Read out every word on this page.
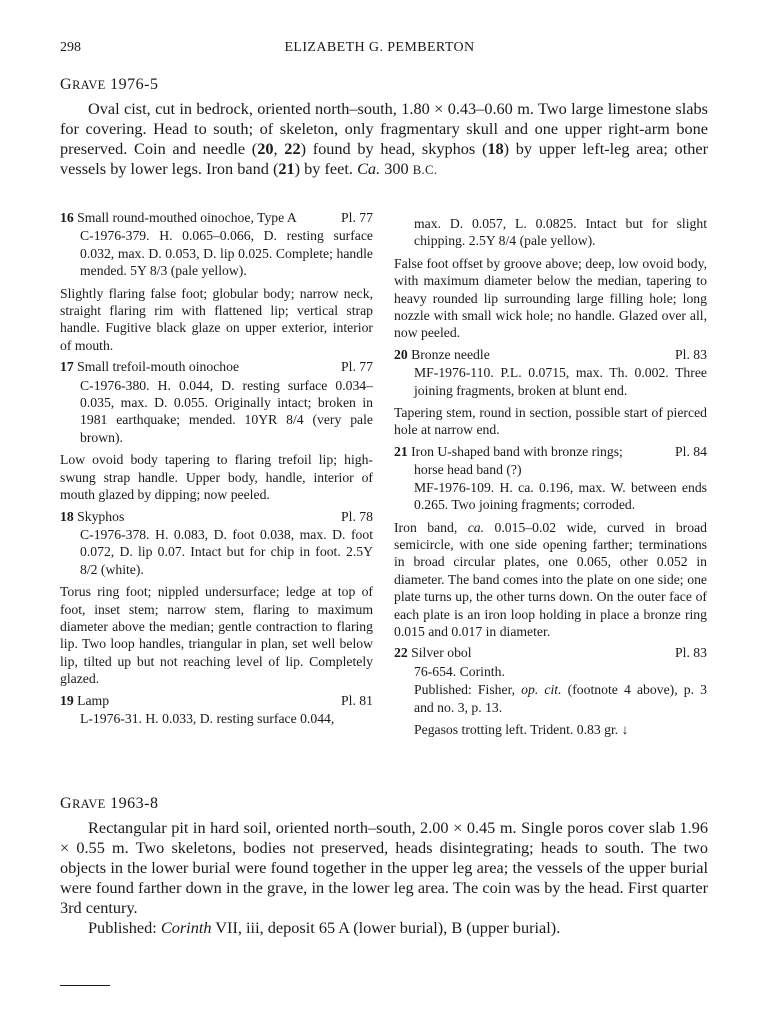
298	ELIZABETH G. PEMBERTON
GRAVE 1976-5

Oval cist, cut in bedrock, oriented north–south, 1.80 × 0.43–0.60 m. Two large limestone slabs for covering. Head to south; of skeleton, only fragmentary skull and one upper right-arm bone preserved. Coin and needle (20, 22) found by head, skyphos (18) by upper left-leg area; other vessels by lower legs. Iron band (21) by feet. Ca. 300 B.C.

16 Small round-mouthed oinochoe, Type A	Pl. 77
C-1976-379. H. 0.065–0.066, D. resting surface 0.032, max. D. 0.053, D. lip 0.025. Complete; handle mended. 5Y 8/3 (pale yellow).
Slightly flaring false foot; globular body; narrow neck, straight flaring rim with flattened lip; vertical strap handle. Fugitive black glaze on upper exterior, interior of mouth.
17 Small trefoil-mouth oinochoe	Pl. 77
C-1976-380. H. 0.044, D. resting surface 0.034–0.035, max. D. 0.055. Originally intact; broken in 1981 earthquake; mended. 10YR 8/4 (very pale brown).
Low ovoid body tapering to flaring trefoil lip; high-swung strap handle. Upper body, handle, interior of mouth glazed by dipping; now peeled.
18 Skyphos	Pl. 78
C-1976-378. H. 0.083, D. foot 0.038, max. D. foot 0.072, D. lip 0.07. Intact but for chip in foot. 2.5Y 8/2 (white).
Torus ring foot; nippled undersurface; ledge at top of foot, inset stem; narrow stem, flaring to maximum diameter above the median; gentle contraction to flaring lip. Two loop handles, triangular in plan, set well below lip, tilted up but not reaching level of lip. Completely glazed.
19 Lamp	Pl. 81
L-1976-31. H. 0.033, D. resting surface 0.044,
max. D. 0.057, L. 0.0825. Intact but for slight chipping. 2.5Y 8/4 (pale yellow).
False foot offset by groove above; deep, low ovoid body, with maximum diameter below the median, tapering to heavy rounded lip surrounding large filling hole; long nozzle with small wick hole; no handle. Glazed over all, now peeled.
20 Bronze needle	Pl. 83
MF-1976-110. P.L. 0.0715, max. Th. 0.002. Three joining fragments, broken at blunt end.
Tapering stem, round in section, possible start of pierced hole at narrow end.
21 Iron U-shaped band with bronze rings;	Pl. 84
horse head band (?)
MF-1976-109. H. ca. 0.196, max. W. between ends 0.265. Two joining fragments; corroded.
Iron band, ca. 0.015–0.02 wide, curved in broad semicircle, with one side opening farther; terminations in broad circular plates, one 0.065, other 0.052 in diameter. The band comes into the plate on one side; one plate turns up, the other turns down. On the outer face of each plate is an iron loop holding in place a bronze ring 0.015 and 0.017 in diameter.
22 Silver obol	Pl. 83
76-654. Corinth.
Published: Fisher, op. cit. (footnote 4 above), p. 3 and no. 3, p. 13.
Pegasos trotting left. Trident. 0.83 gr. ↓
GRAVE 1963-8

Rectangular pit in hard soil, oriented north–south, 2.00 × 0.45 m. Single poros cover slab 1.96 × 0.55 m. Two skeletons, bodies not preserved, heads disintegrating; heads to south. The two objects in the lower burial were found together in the upper leg area; the vessels of the upper burial were found farther down in the grave, in the lower leg area. The coin was by the head. First quarter 3rd century.

Published: Corinth VII, iii, deposit 65 A (lower burial), B (upper burial).
